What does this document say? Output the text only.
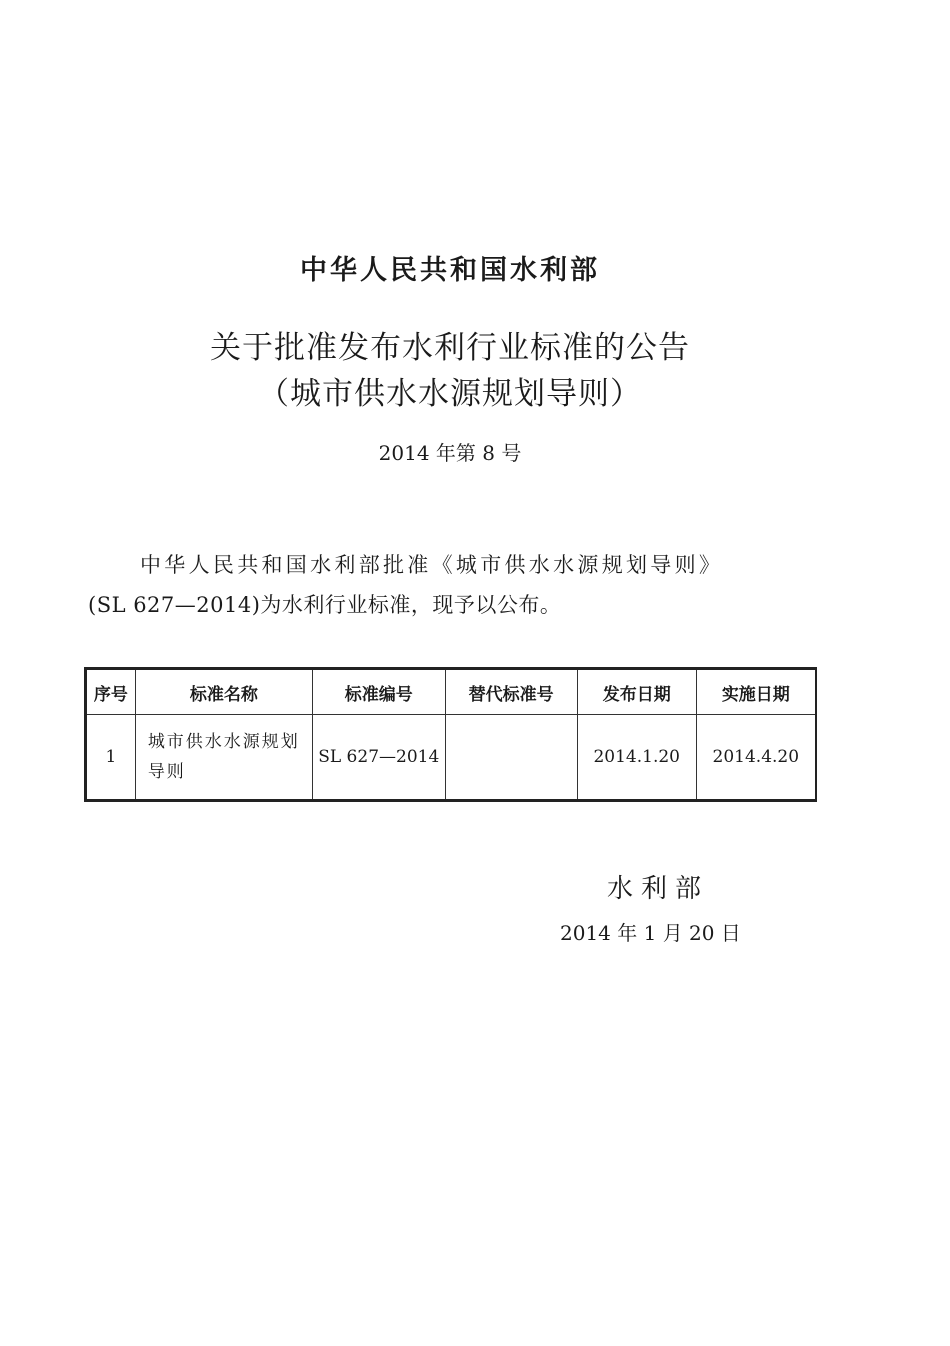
中华人民共和国水利部
关于批准发布水利行业标准的公告
（城市供水水源规划导则）
2014 年第 8 号
中华人民共和国水利部批准《城市供水水源规划导则》
(SL 627—2014)为水利行业标准，现予以公布。
序号	标准名称	标准编号	替代标准号	发布日期	实施日期
1	城市供水水源规划导则	SL 627—2014		2014.1.20	2014.4.20
水利部
2014 年 1 月 20 日
